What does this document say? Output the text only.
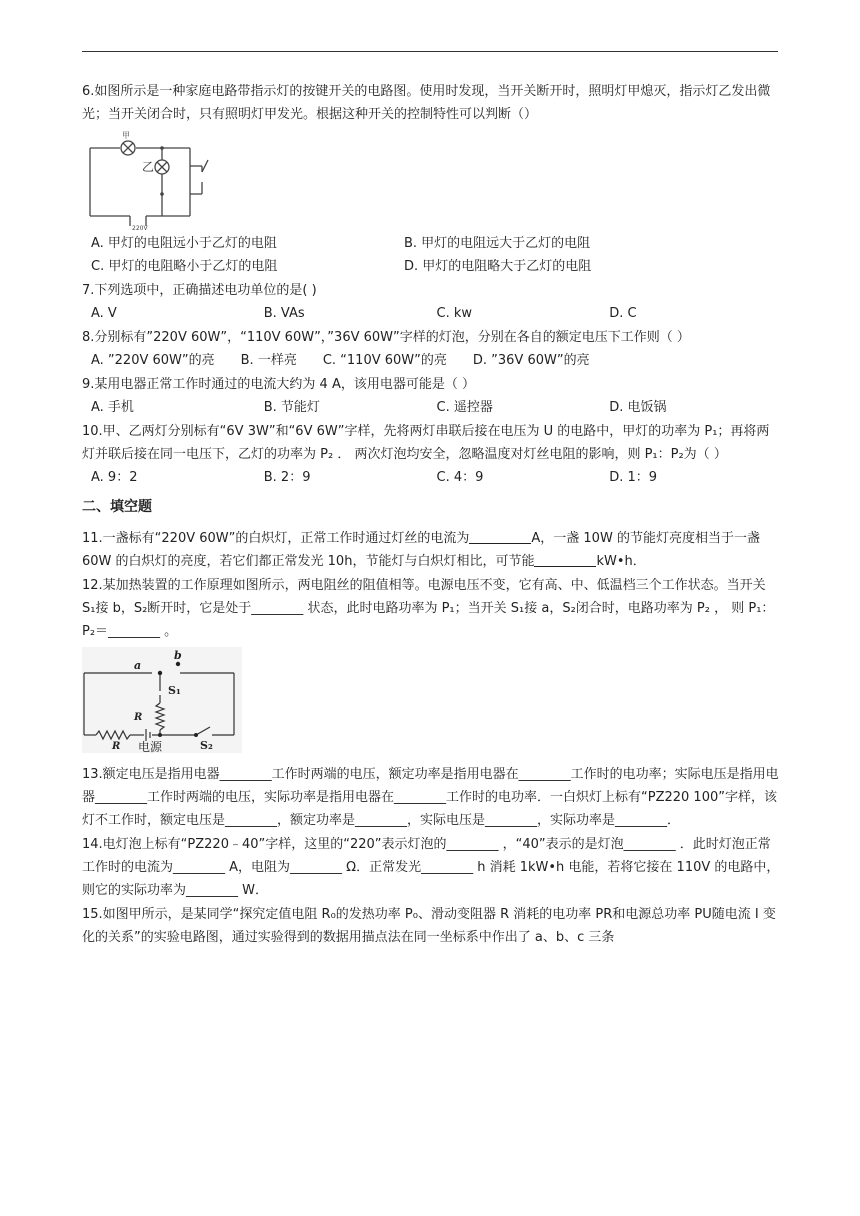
6.如图所示是一种家庭电路带指示灯的按键开关的电路图。使用时发现，当开关断开时，照明灯甲熄灭，指示灯乙发出微光；当开关闭合时，只有照明灯甲发光。根据这种开关的控制特性可以判断（）

甲
乙
220V
A. 甲灯的电阻远小于乙灯的电阻	B. 甲灯的电阻远大于乙灯的电阻
C. 甲灯的电阻略小于乙灯的电阻	D. 甲灯的电阻略大于乙灯的电阻

7.下列选项中，正确描述电功单位的是( )

A. V	B. VAs	C. kw	D. C

8.分别标有”220V 60W”，“110V 60W”，”36V 60W”字样的灯泡，分别在各自的额定电压下工作则（ ）

A. ”220V 60W”的亮 B. 一样亮 C. “110V 60W”的亮 D. ”36V 60W”的亮

9.某用电器正常工作时通过的电流大约为 4 A，该用电器可能是（ ）

A. 手机	B. 节能灯	C. 遥控器	D. 电饭锅

10.甲、乙两灯分别标有“6V 3W”和“6V 6W”字样，先将两灯串联后接在电压为 U 的电路中，甲灯的功率为 P₁；再将两灯并联后接在同一电压下，乙灯的功率为 P₂ ． 两次灯泡均安全，忽略温度对灯丝电阻的影响，则 P₁：P₂为（ ）

A. 9：2	B. 2：9	C. 4：9	D. 1：9
二、填空题

11.一盏标有“220V 60W”的白炽灯，正常工作时通过灯丝的电流为	A，一盏 10W 的节能灯亮度相当于一盏 60W 的白炽灯的亮度，若它们都正常发光 10h，节能灯与白炽灯相比，可节能	kW•h．

12.某加热装置的工作原理如图所示，两电阻丝的阻值相等。电源电压不变，它有高、中、低温档三个工作状态。当开关 S₁接 b，S₂断开时，它是处于________ 状态，此时电路功率为 P₁；当开关 S₁接 a，S₂闭合时，电路功率为 P₂ ， 则 P₁：P₂＝________ 。

a
b
S₁
R
R 电源	S₂

13.额定电压是指用电器________工作时两端的电压，额定功率是指用电器在________工作时的电功率；实际电压是指用电器________工作时两端的电压，实际功率是指用电器在________工作时的电功率．一白炽灯上标有“PZ220 100”字样，该灯不工作时，额定电压是________，额定功率是________，实际电压是________，实际功率是________．

14.电灯泡上标有“PZ220﹣40”字样，这里的“220”表示灯泡的________ ，“40”表示的是灯泡________ ．此时灯泡正常工作时的电流为________ A，电阻为________ Ω．正常发光________ h 消耗 1kW•h 电能，若将它接在 110V 的电路中，则它的实际功率为________ W．

15.如图甲所示，是某同学“探究定值电阻 R₀的发热功率 P₀、滑动变阻器 R 消耗的电功率 PR和电源总功率 PU随电流 I 变化的关系”的实验电路图，通过实验得到的数据用描点法在同一坐标系中作出了 a、b、c 三条
